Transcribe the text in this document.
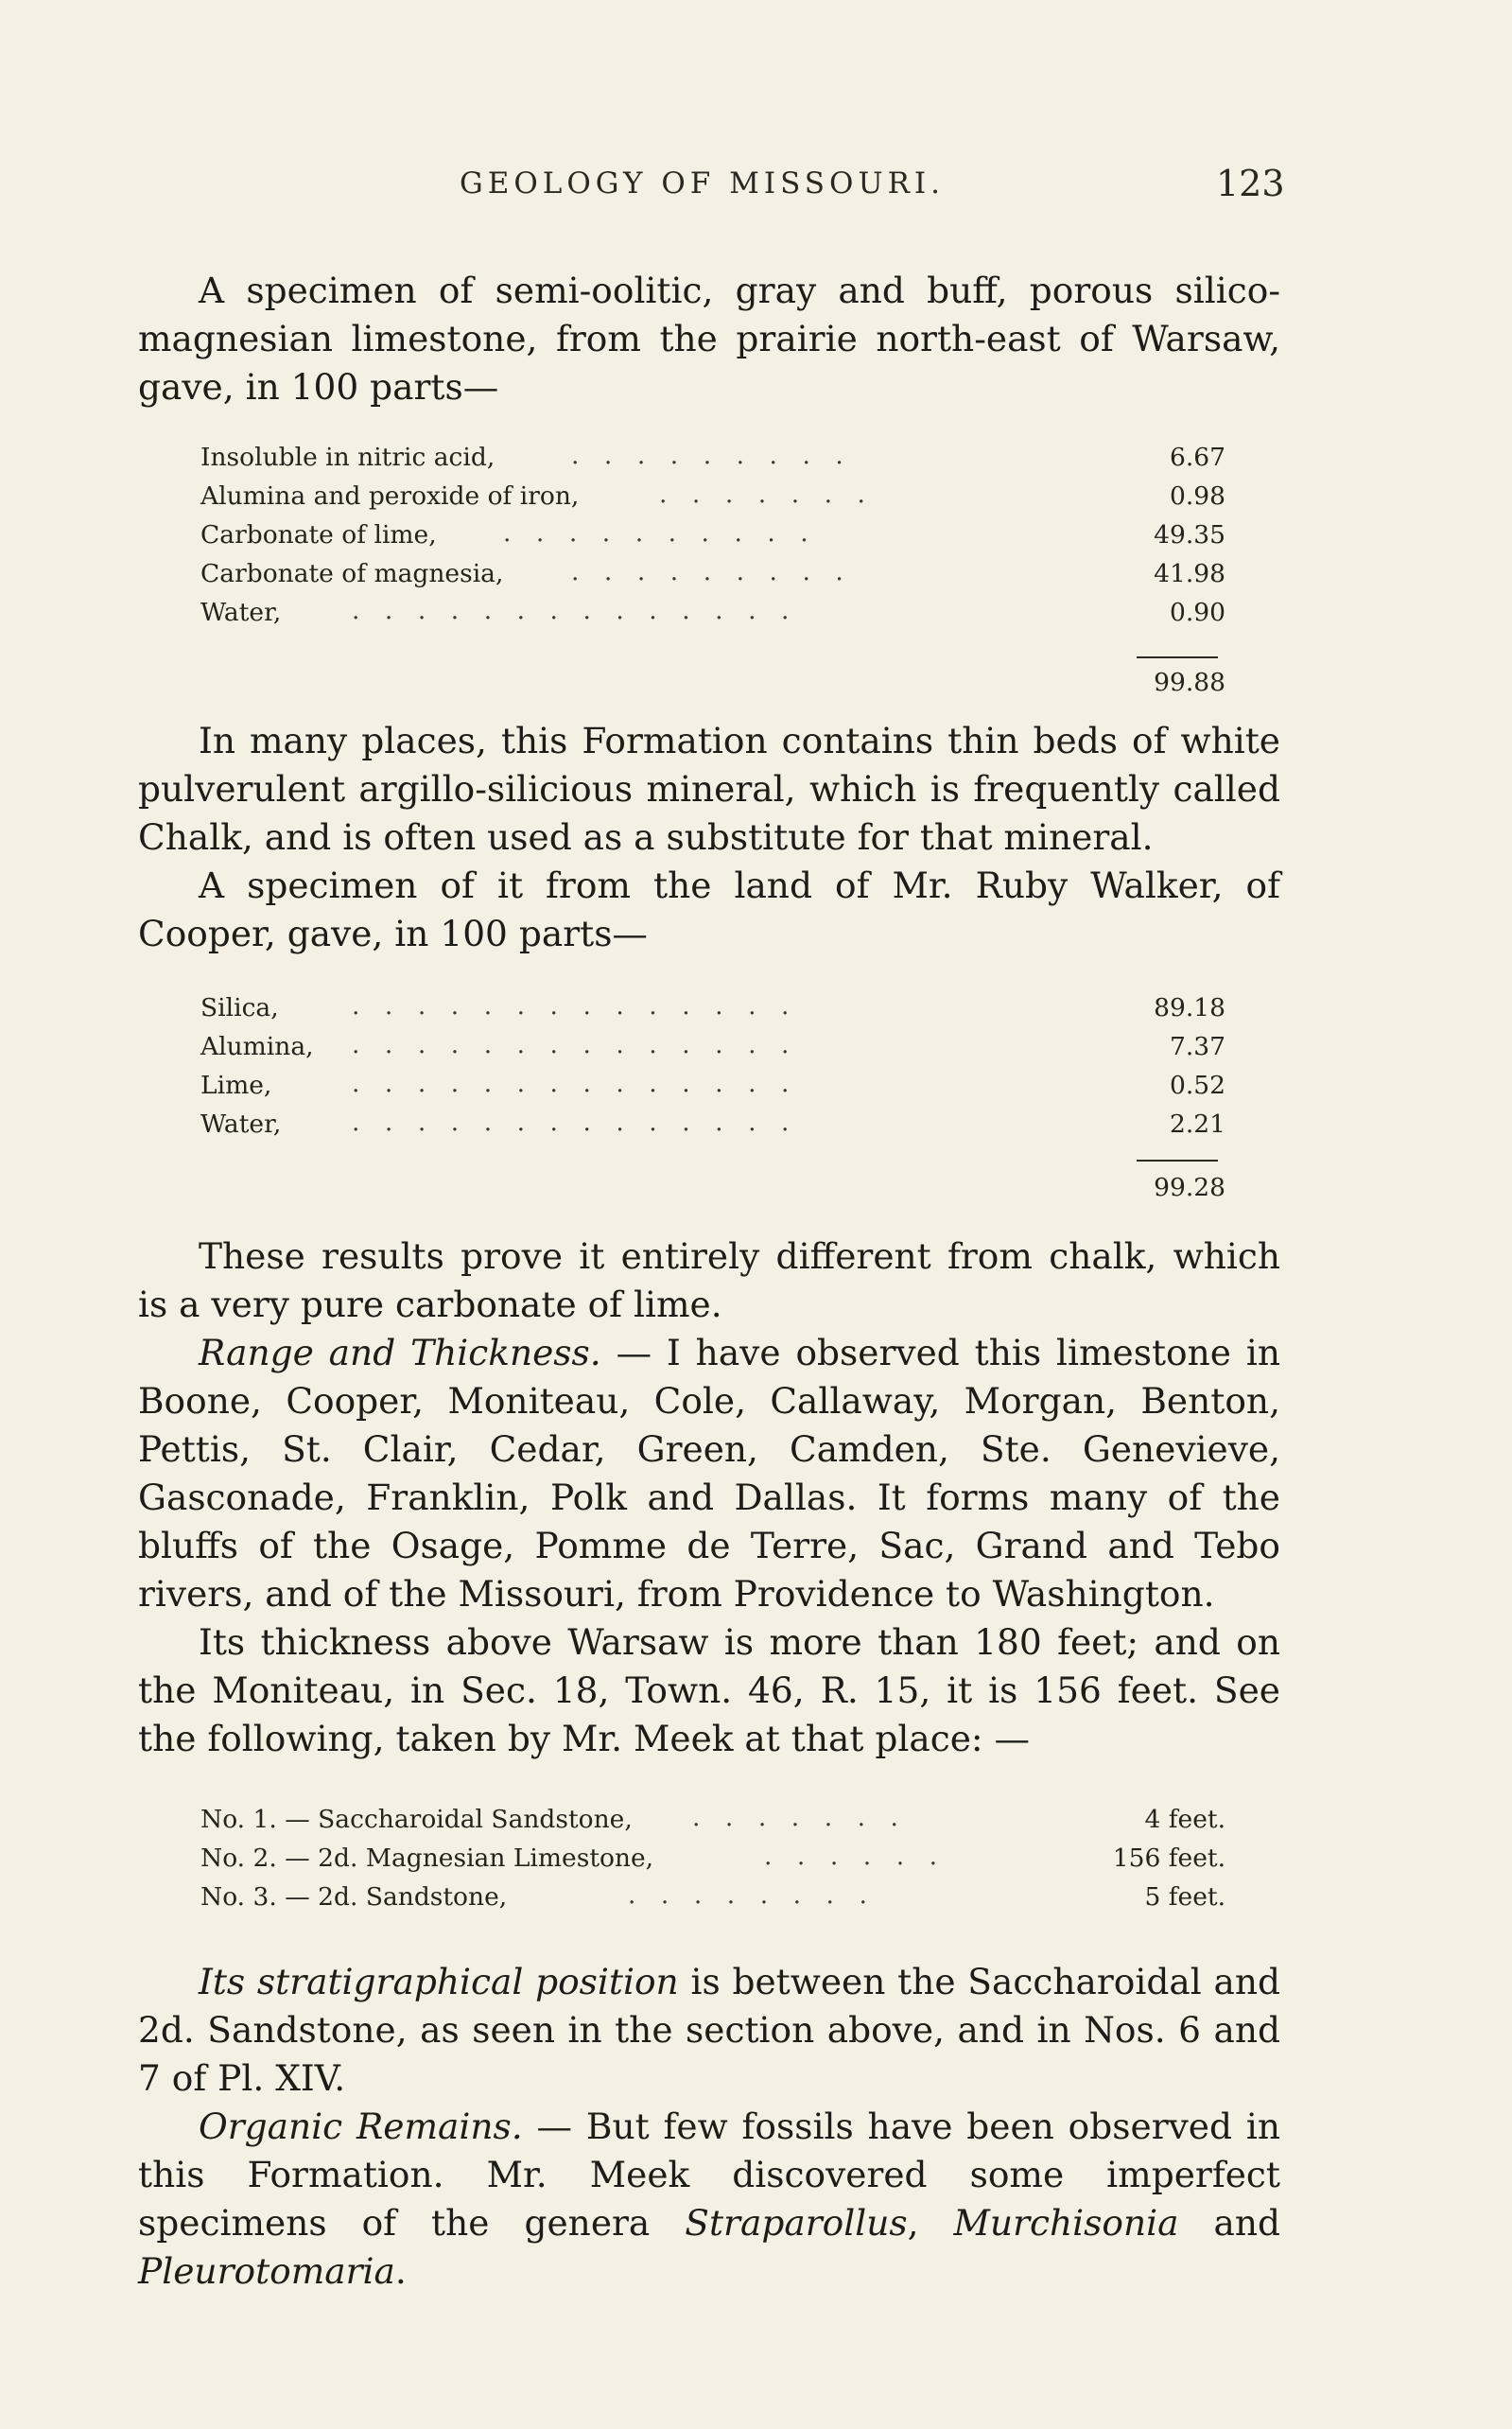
GEOLOGY OF MISSOURI.	123

A specimen of semi-oolitic, gray and buff, porous silico-magnesian limestone, from the prairie north-east of Warsaw, gave, in 100 parts—

Insoluble in nitric acid,	. . . . . . . . .	6.67
Alumina and peroxide of iron,	. . . . . . .	0.98
Carbonate of lime,	. . . . . . . . . .	49.35
Carbonate of magnesia,	. . . . . . . . .	41.98
Water,	. . . . . . . . . . . . . .	0.90
99.88

In many places, this Formation contains thin beds of white pulverulent argillo-silicious mineral, which is frequently called Chalk, and is often used as a substitute for that mineral.

A specimen of it from the land of Mr. Ruby Walker, of Cooper, gave, in 100 parts—

Silica,	. . . . . . . . . . . . . .	89.18
Alumina, . . . . . . . . . . . . . .	7.37
Lime,	. . . . . . . . . . . . . .	0.52
Water,	. . . . . . . . . . . . . .	2.21
99.28

These results prove it entirely different from chalk, which is a very pure carbonate of lime.

Range and Thickness. — I have observed this limestone in Boone, Cooper, Moniteau, Cole, Callaway, Morgan, Benton, Pettis, St. Clair, Cedar, Green, Camden, Ste. Genevieve, Gasconade, Franklin, Polk and Dallas. It forms many of the bluffs of the Osage, Pomme de Terre, Sac, Grand and Tebo rivers, and of the Missouri, from Providence to Washington.

Its thickness above Warsaw is more than 180 feet; and on the Moniteau, in Sec. 18, Town. 46, R. 15, it is 156 feet. See the following, taken by Mr. Meek at that place: —

No. 1. — Saccharoidal Sandstone, . . . . . . .	4 feet.
No. 2. — 2d. Magnesian Limestone,	. . . . . .	156 feet.
No. 3. — 2d. Sandstone,	. . . . . . . .	5 feet.

Its stratigraphical position is between the Saccharoidal and 2d. Sandstone, as seen in the section above, and in Nos. 6 and 7 of Pl. XIV.

Organic Remains. — But few fossils have been observed in this Formation. Mr. Meek discovered some imperfect specimens of the genera Straparollus, Murchisonia and Pleurotomaria.
